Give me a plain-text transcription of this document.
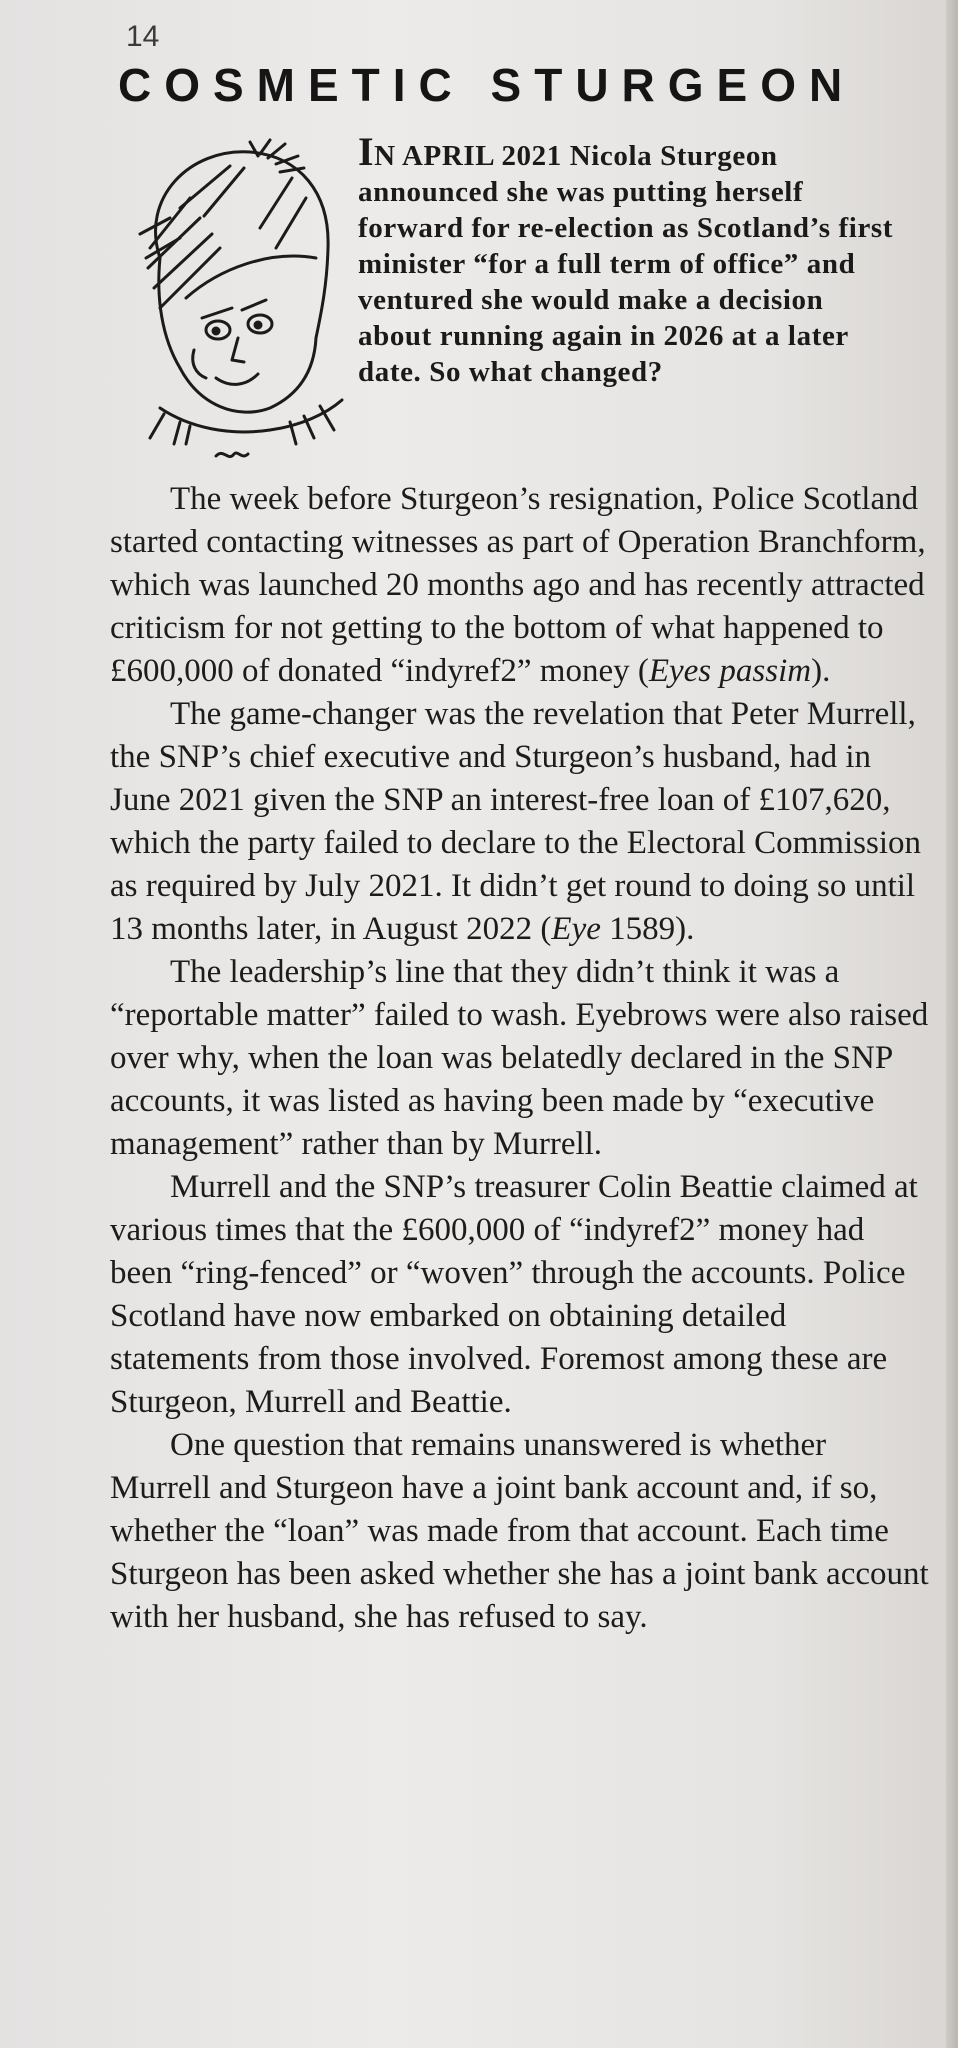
14
COSMETIC STURGEON
IN APRIL 2021 Nicola Sturgeon announced she was putting herself forward for re-election as Scotland’s first minister “for a full term of office” and ventured she would make a decision about running again in 2026 at a later date. So what changed?

The week before Sturgeon’s resignation, Police Scotland started contacting witnesses as part of Operation Branchform, which was launched 20 months ago and has recently attracted criticism for not getting to the bottom of what happened to £600,000 of donated “indyref2” money (Eyes passim).

The game-changer was the revelation that Peter Murrell, the SNP’s chief executive and Sturgeon’s husband, had in June 2021 given the SNP an interest-free loan of £107,620, which the party failed to declare to the Electoral Commission as required by July 2021. It didn’t get round to doing so until 13 months later, in August 2022 (Eye 1589).

The leadership’s line that they didn’t think it was a “reportable matter” failed to wash. Eyebrows were also raised over why, when the loan was belatedly declared in the SNP accounts, it was listed as having been made by “executive management” rather than by Murrell.

Murrell and the SNP’s treasurer Colin Beattie claimed at various times that the £600,000 of “indyref2” money had been “ring-fenced” or “woven” through the accounts. Police Scotland have now embarked on obtaining detailed statements from those involved. Foremost among these are Sturgeon, Murrell and Beattie.

One question that remains unanswered is whether Murrell and Sturgeon have a joint bank account and, if so, whether the “loan” was made from that account. Each time Sturgeon has been asked whether she has a joint bank account with her husband, she has refused to say.
